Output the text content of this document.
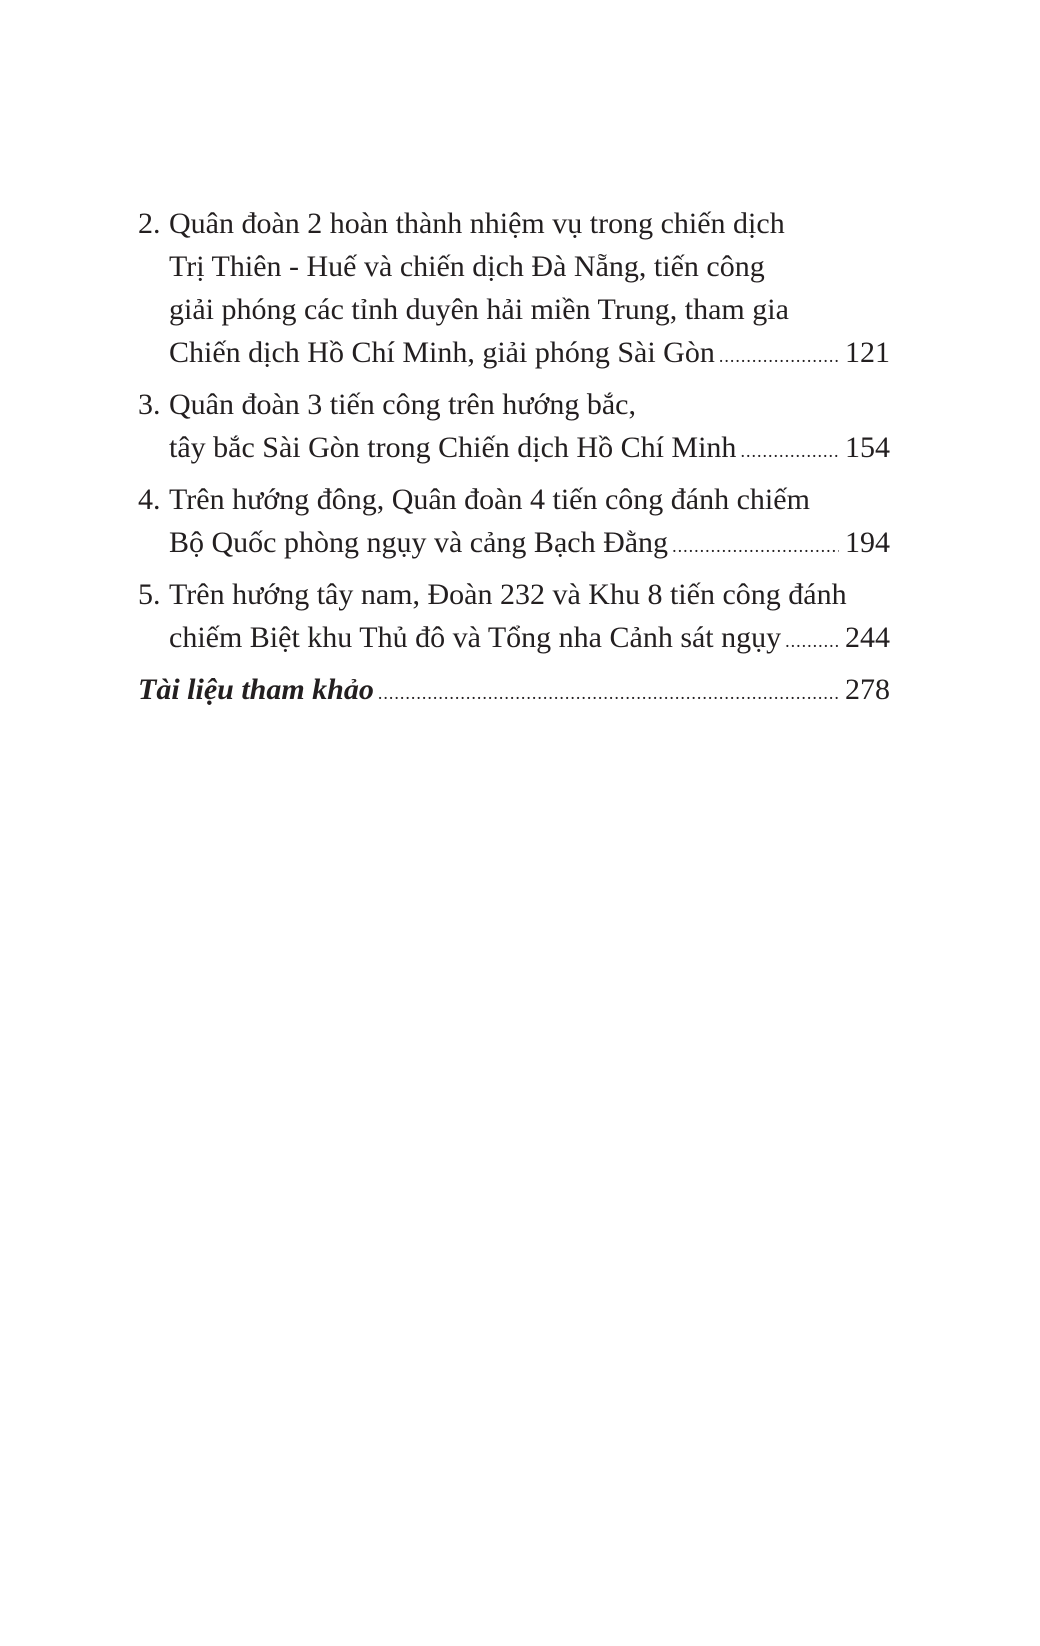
2. Quân đoàn 2 hoàn thành nhiệm vụ trong chiến dịch
Trị Thiên - Huế và chiến dịch Đà Nẵng, tiến công
giải phóng các tỉnh duyên hải miền Trung, tham gia
Chiến dịch Hồ Chí Minh, giải phóng Sài Gòn .....	121
3. Quân đoàn 3 tiến công trên hướng bắc,
tây bắc Sài Gòn trong Chiến dịch Hồ Chí Minh .....	154
4. Trên hướng đông, Quân đoàn 4 tiến công đánh chiếm
Bộ Quốc phòng ngụy và cảng Bạch Đằng .....	194
5. Trên hướng tây nam, Đoàn 232 và Khu 8 tiến công đánh
chiếm Biệt khu Thủ đô và Tổng nha Cảnh sát ngụy ..... 244
Tài liệu tham khảo .....	278
